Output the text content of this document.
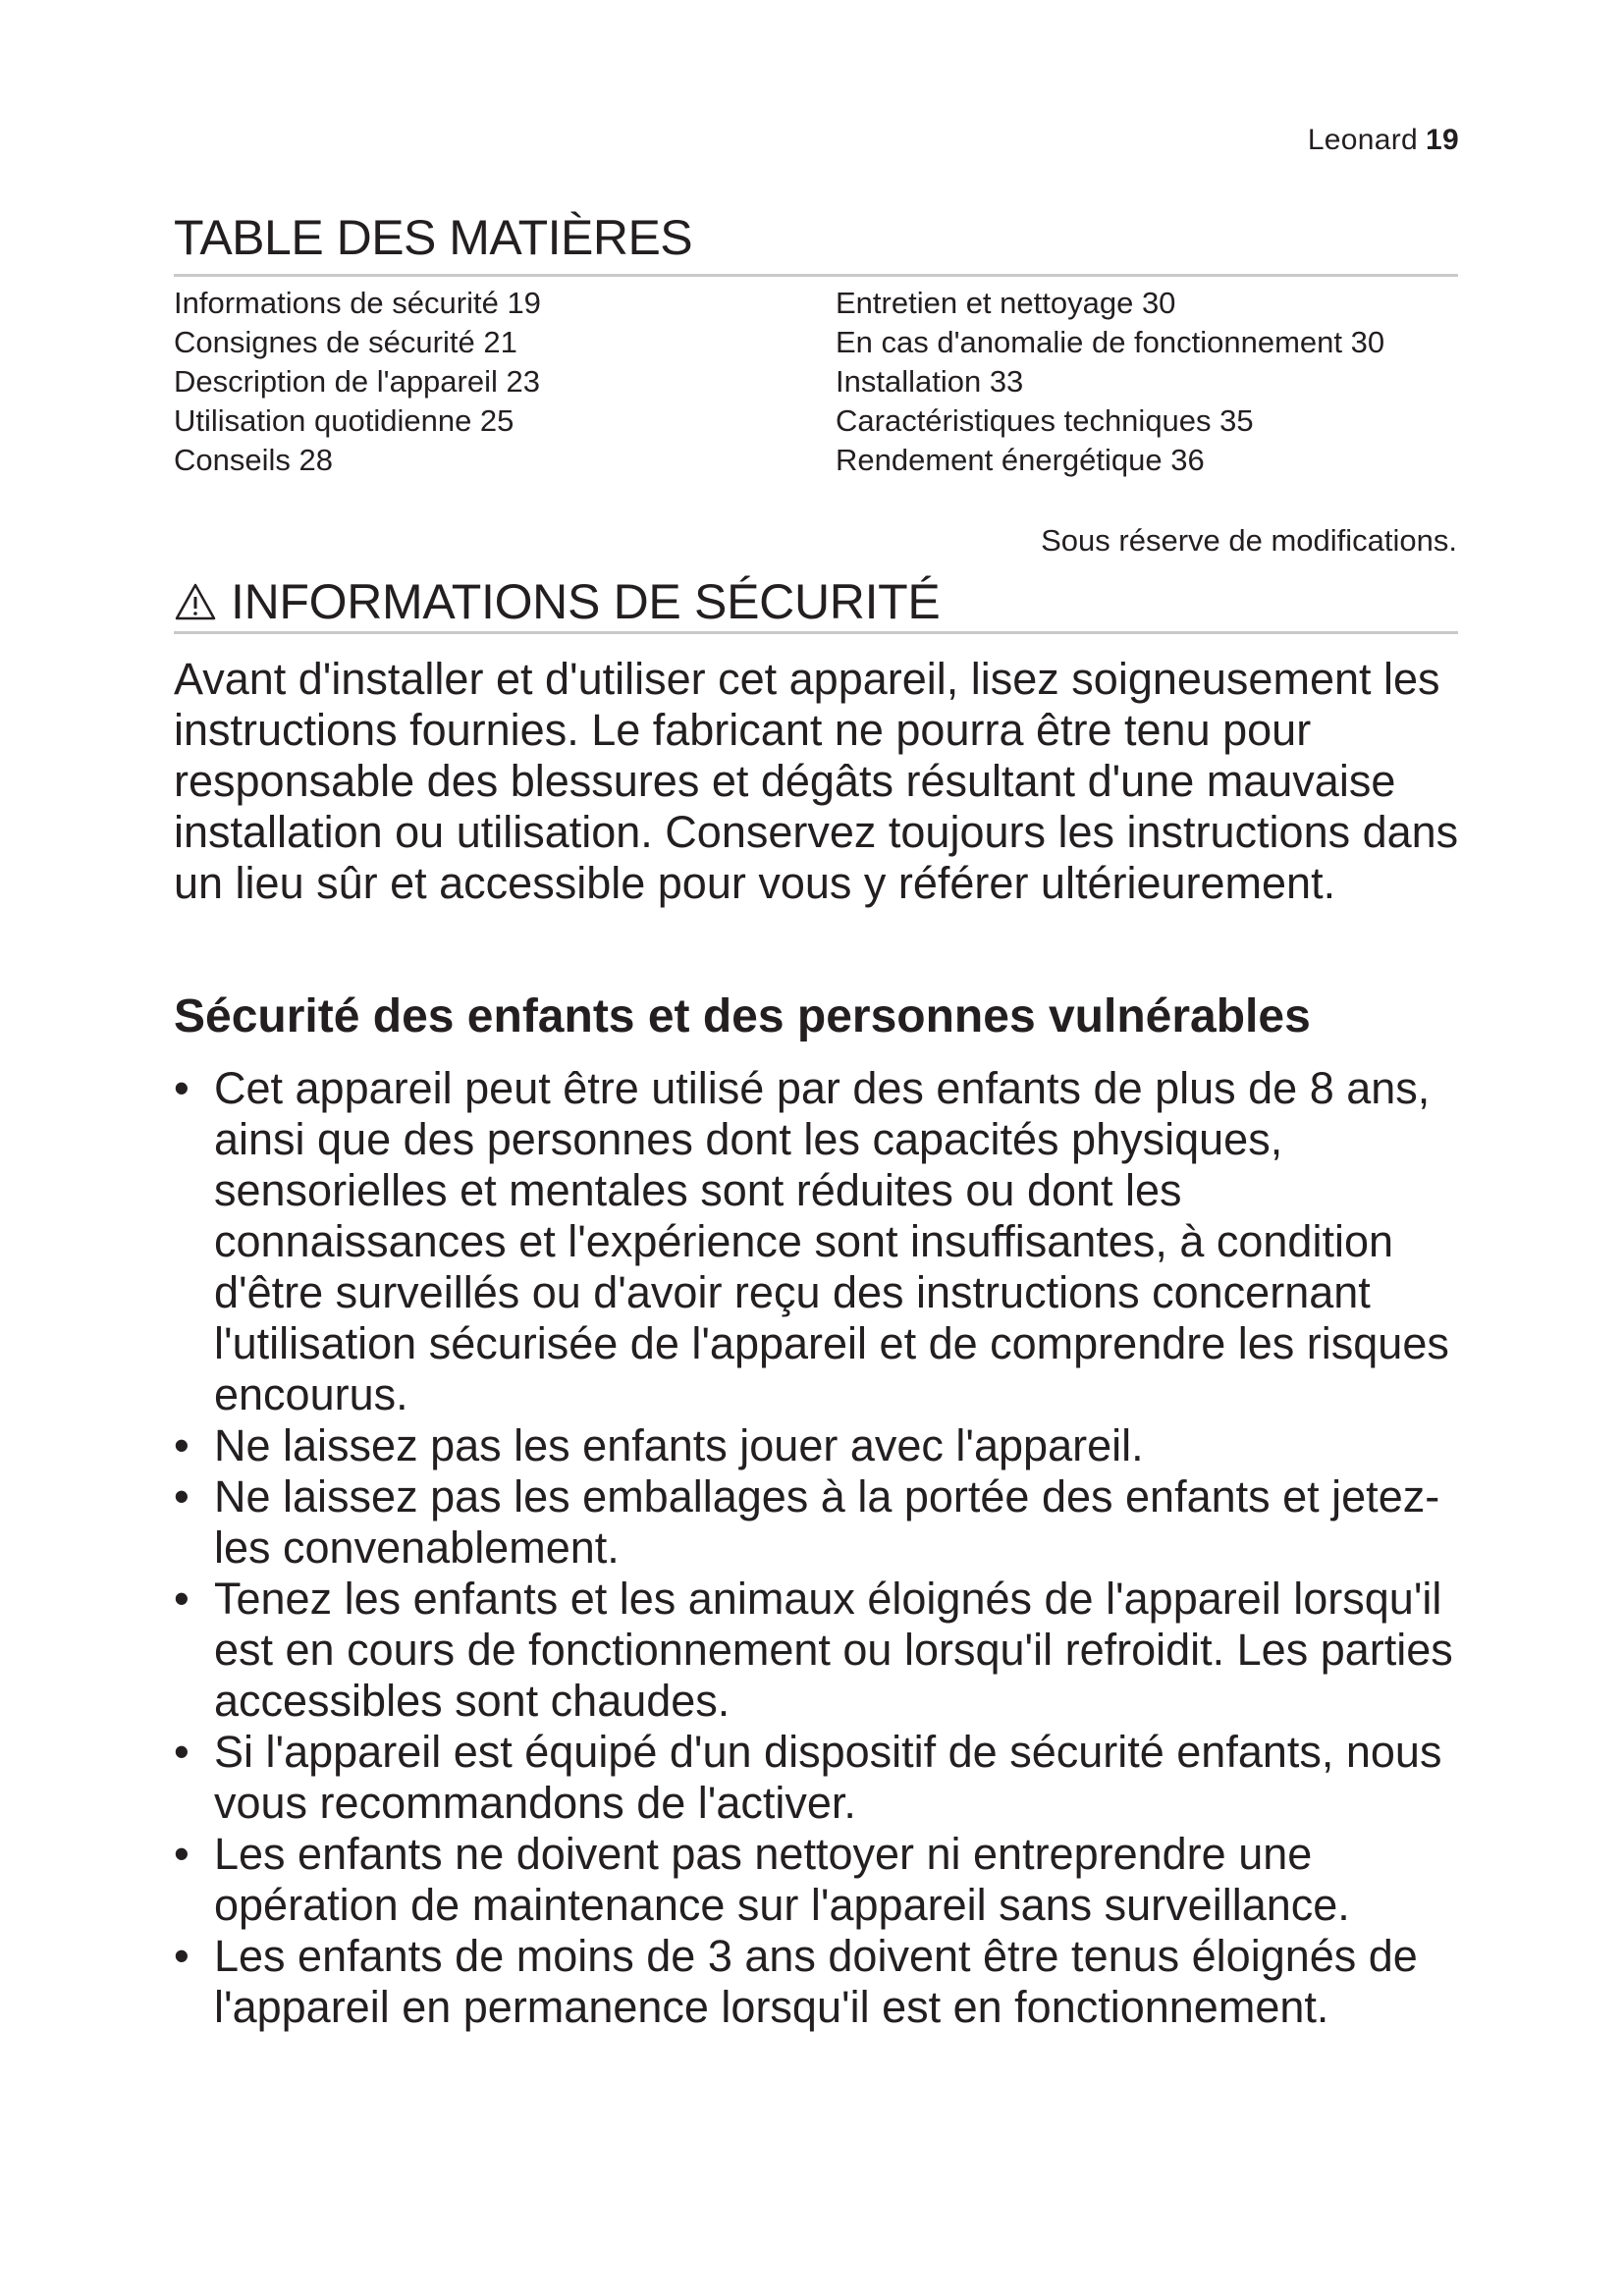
Leonard 19
TABLE DES MATIÈRES
Informations de sécurité 19
Consignes de sécurité 21
Description de l'appareil 23
Utilisation quotidienne 25
Conseils 28
Entretien et nettoyage 30
En cas d'anomalie de fonctionnement 30
Installation 33
Caractéristiques techniques 35
Rendement énergétique 36
Sous réserve de modifications.
INFORMATIONS DE SÉCURITÉ

Avant d'installer et d'utiliser cet appareil, lisez soigneusement les instructions fournies. Le fabricant ne pourra être tenu pour responsable des blessures et dégâts résultant d'une mauvaise installation ou utilisation. Conservez toujours les instructions dans un lieu sûr et accessible pour vous y référer ultérieurement.

Sécurité des enfants et des personnes vulnérables
• Cet appareil peut être utilisé par des enfants de plus de 8 ans, ainsi que des personnes dont les capacités physiques, sensorielles et mentales sont réduites ou dont les connaissances et l'expérience sont insuffisantes, à condition d'être surveillés ou d'avoir reçu des instructions concernant l'utilisation sécurisée de l'appareil et de comprendre les risques encourus.
• Ne laissez pas les enfants jouer avec l'appareil.
• Ne laissez pas les emballages à la portée des enfants et jetez-les convenablement.
• Tenez les enfants et les animaux éloignés de l'appareil lorsqu'il est en cours de fonctionnement ou lorsqu'il refroidit. Les parties accessibles sont chaudes.
• Si l'appareil est équipé d'un dispositif de sécurité enfants, nous vous recommandons de l'activer.
• Les enfants ne doivent pas nettoyer ni entreprendre une opération de maintenance sur l'appareil sans surveillance.
• Les enfants de moins de 3 ans doivent être tenus éloignés de l'appareil en permanence lorsqu'il est en fonctionnement.
